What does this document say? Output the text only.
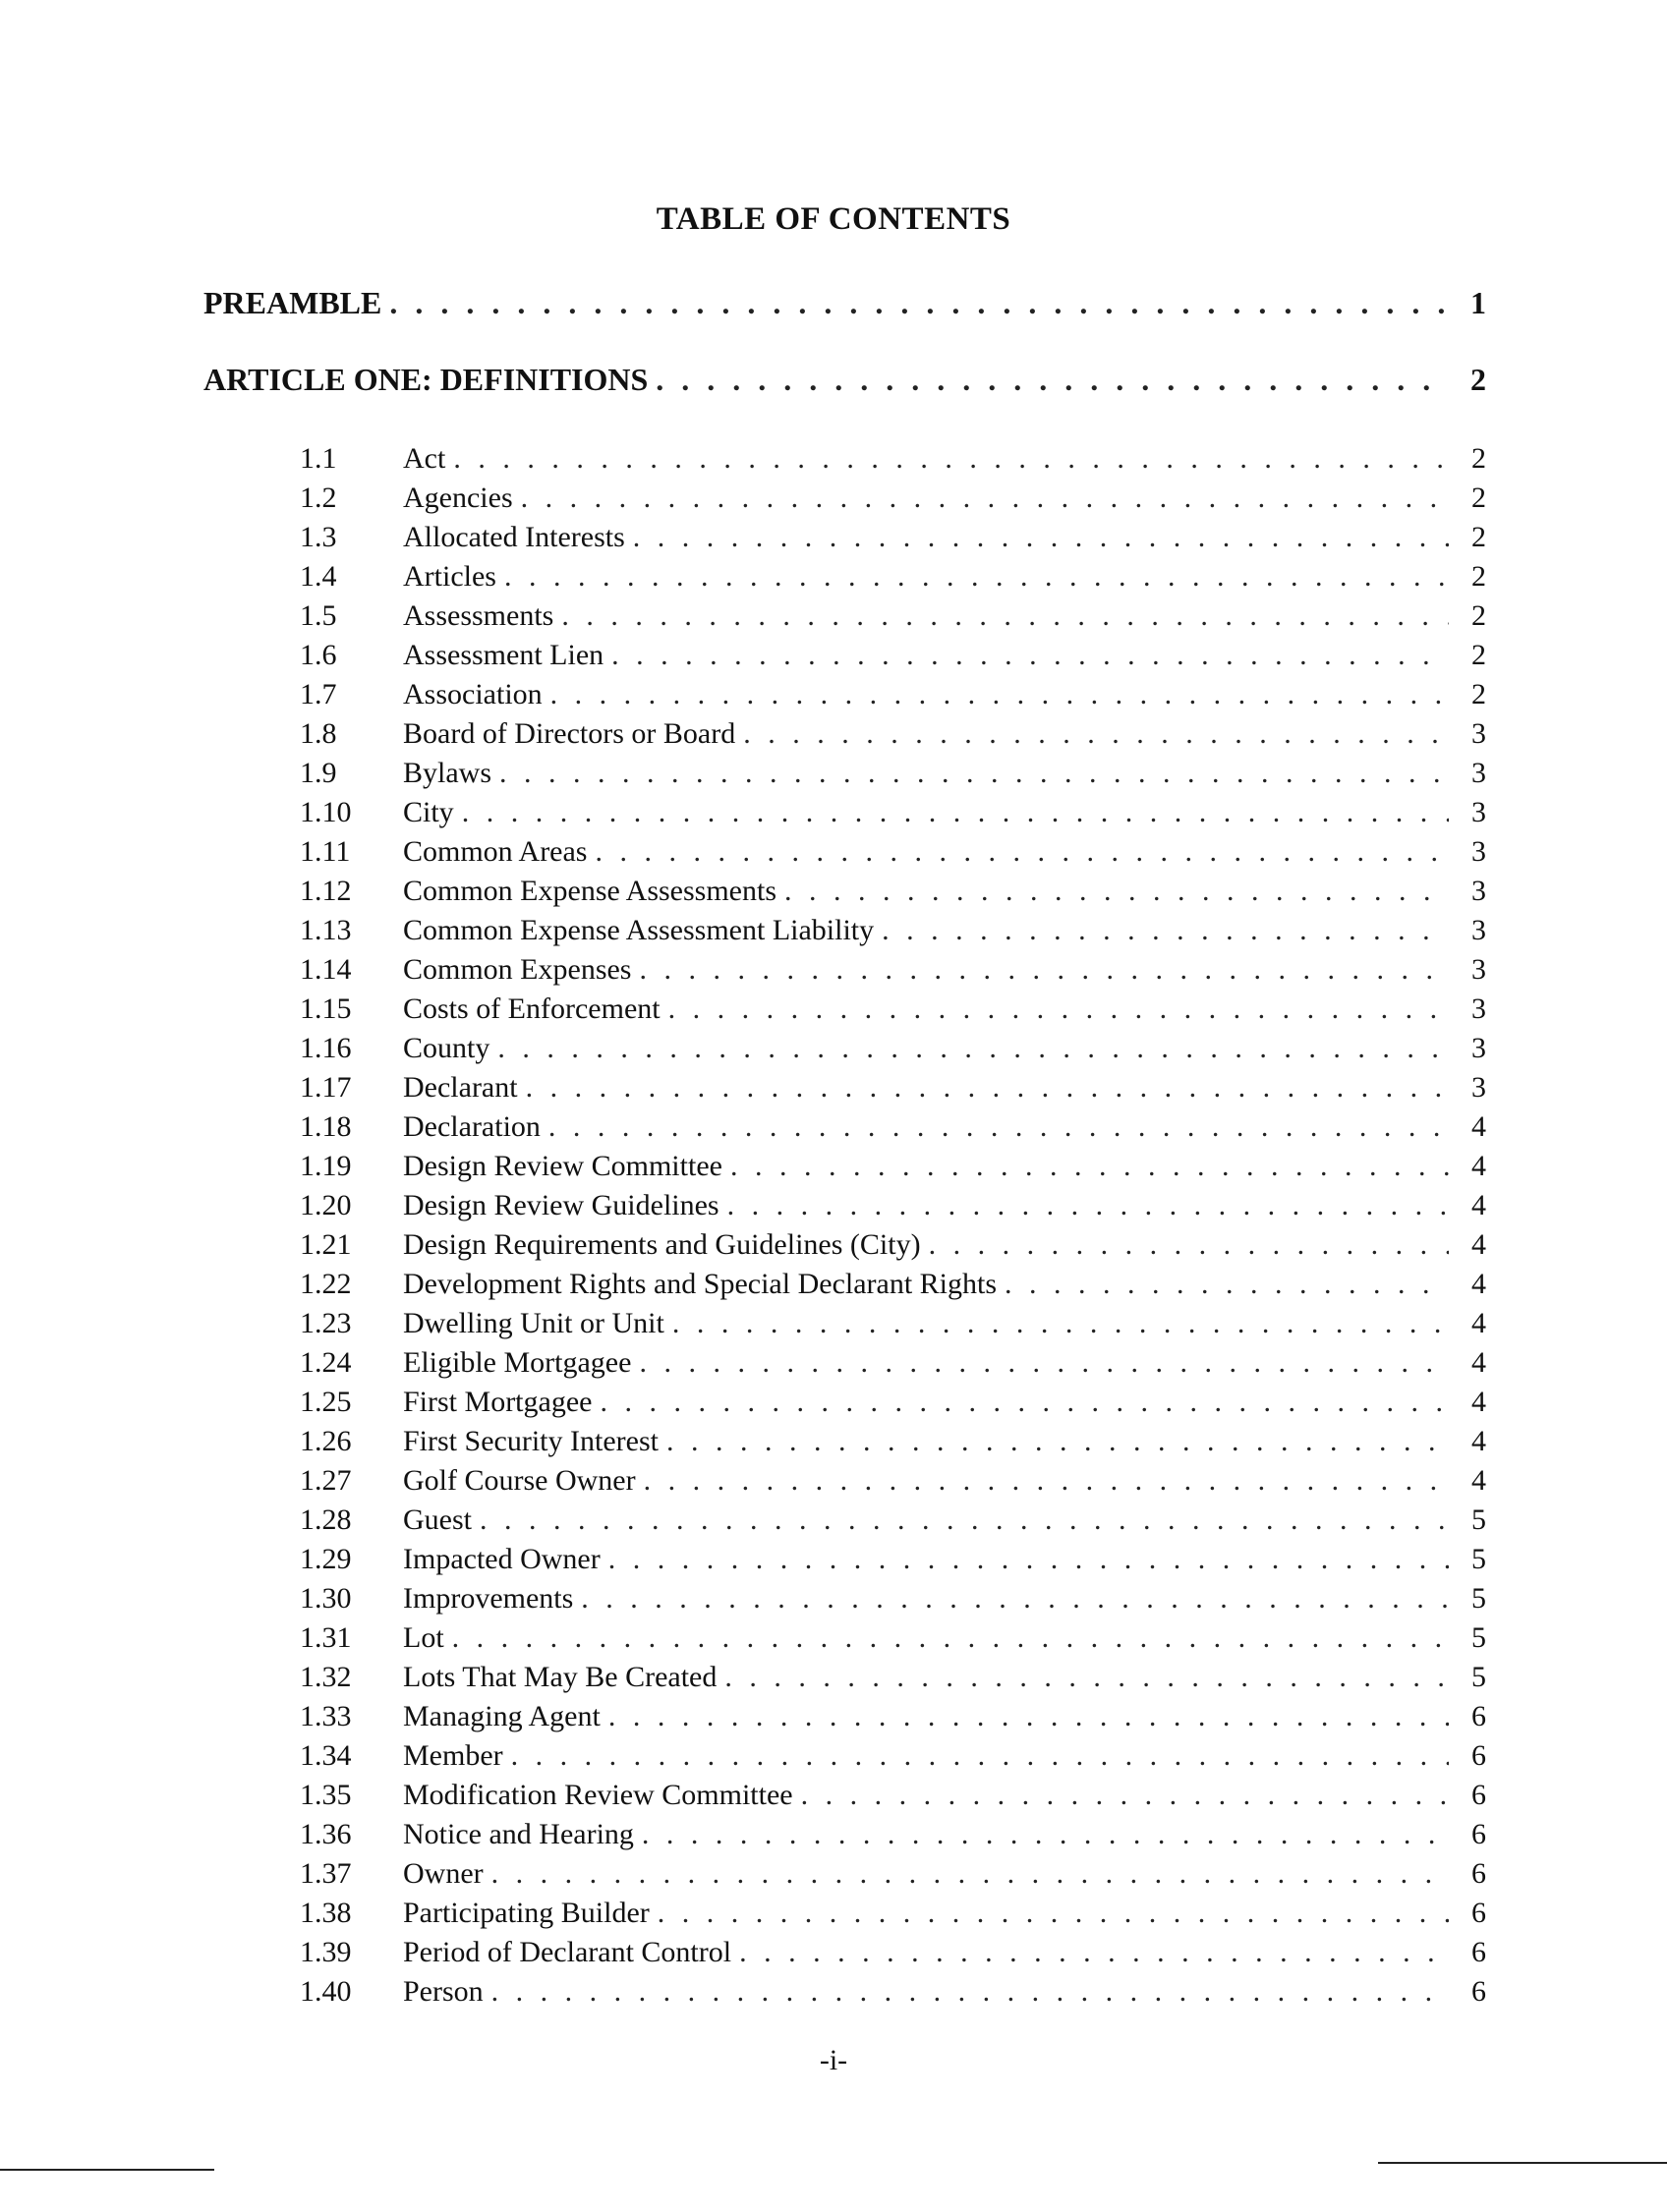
TABLE OF CONTENTS
PREAMBLE . . .	1
ARTICLE ONE: DEFINITIONS . . .	2
1.1	Act . . .	2
1.2	Agencies . . .	2
1.3	Allocated Interests . . .	2
1.4	Articles . . .	2
1.5	Assessments . . .	2
1.6	Assessment Lien . . .	2
1.7	Association . . .	2
1.8	Board of Directors or Board . . .	3
1.9	Bylaws . . .	3
1.10	City . . .	3
1.11	Common Areas . . .	3
1.12	Common Expense Assessments . . .	3
1.13	Common Expense Assessment Liability . . .	3
1.14	Common Expenses . . .	3
1.15	Costs of Enforcement . . .	3
1.16	County . . .	3
1.17	Declarant . . .	3
1.18	Declaration . . .	4
1.19	Design Review Committee . . .	4
1.20	Design Review Guidelines . . .	4
1.21	Design Requirements and Guidelines (City) . . .	4
1.22	Development Rights and Special Declarant Rights . . .	4
1.23	Dwelling Unit or Unit . . .	4
1.24	Eligible Mortgagee . . .	4
1.25	First Mortgagee . . .	4
1.26	First Security Interest . . .	4
1.27	Golf Course Owner . . .	4
1.28	Guest . . .	5
1.29	Impacted Owner . . .	5
1.30	Improvements . . .	5
1.31	Lot . . .	5
1.32	Lots That May Be Created . . .	5
1.33	Managing Agent . . .	6
1.34	Member . . .	6
1.35	Modification Review Committee . . .	6
1.36	Notice and Hearing . . .	6
1.37	Owner . . .	6
1.38	Participating Builder . . .	6
1.39	Period of Declarant Control . . .	6
1.40	Person . . .	6
-i-
